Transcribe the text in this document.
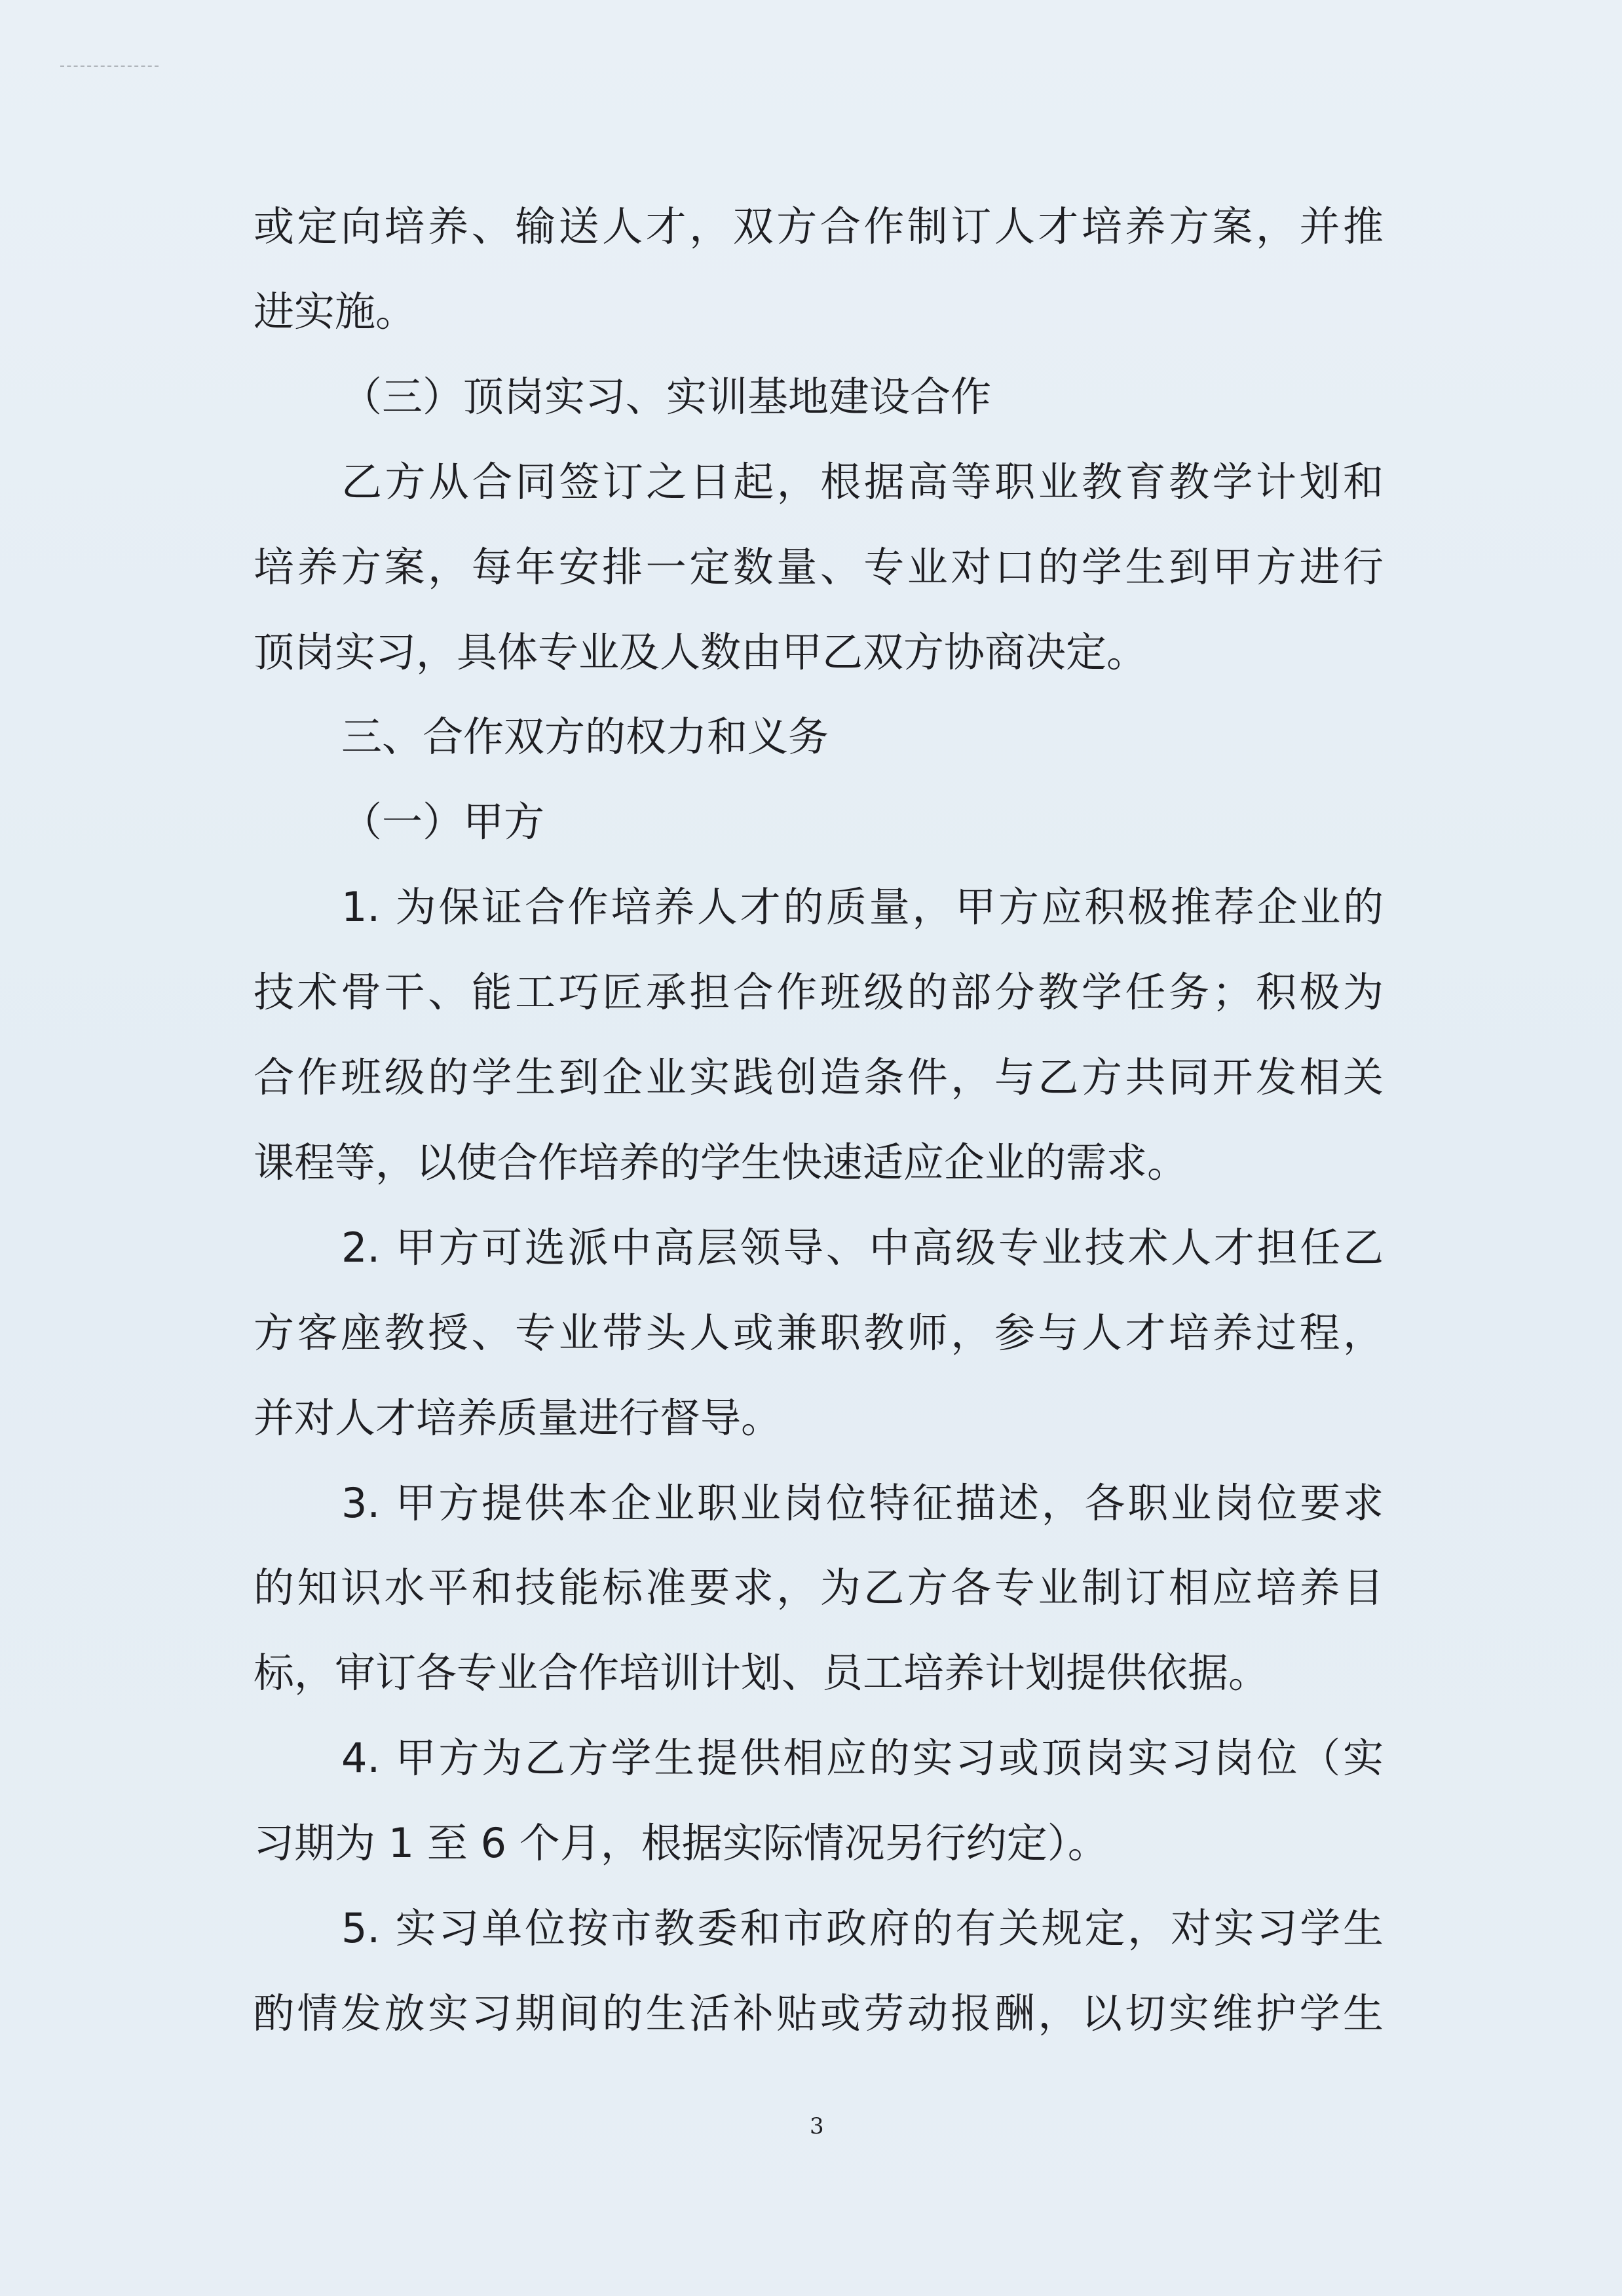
或定向培养、输送人才，双方合作制订人才培养方案，并推
进实施。
（三）顶岗实习、实训基地建设合作
乙方从合同签订之日起，根据高等职业教育教学计划和
培养方案，每年安排一定数量、专业对口的学生到甲方进行
顶岗实习，具体专业及人数由甲乙双方协商决定。
三、合作双方的权力和义务
（一）甲方
1. 为保证合作培养人才的质量，甲方应积极推荐企业的
技术骨干、能工巧匠承担合作班级的部分教学任务；积极为
合作班级的学生到企业实践创造条件，与乙方共同开发相关
课程等，以使合作培养的学生快速适应企业的需求。
2. 甲方可选派中高层领导、中高级专业技术人才担任乙
方客座教授、专业带头人或兼职教师，参与人才培养过程，
并对人才培养质量进行督导。
3. 甲方提供本企业职业岗位特征描述，各职业岗位要求
的知识水平和技能标准要求，为乙方各专业制订相应培养目
标，审订各专业合作培训计划、员工培养计划提供依据。
4. 甲方为乙方学生提供相应的实习或顶岗实习岗位（实
习期为 1 至 6 个月，根据实际情况另行约定）。
5. 实习单位按市教委和市政府的有关规定，对实习学生
酌情发放实习期间的生活补贴或劳动报酬，以切实维护学生
3
